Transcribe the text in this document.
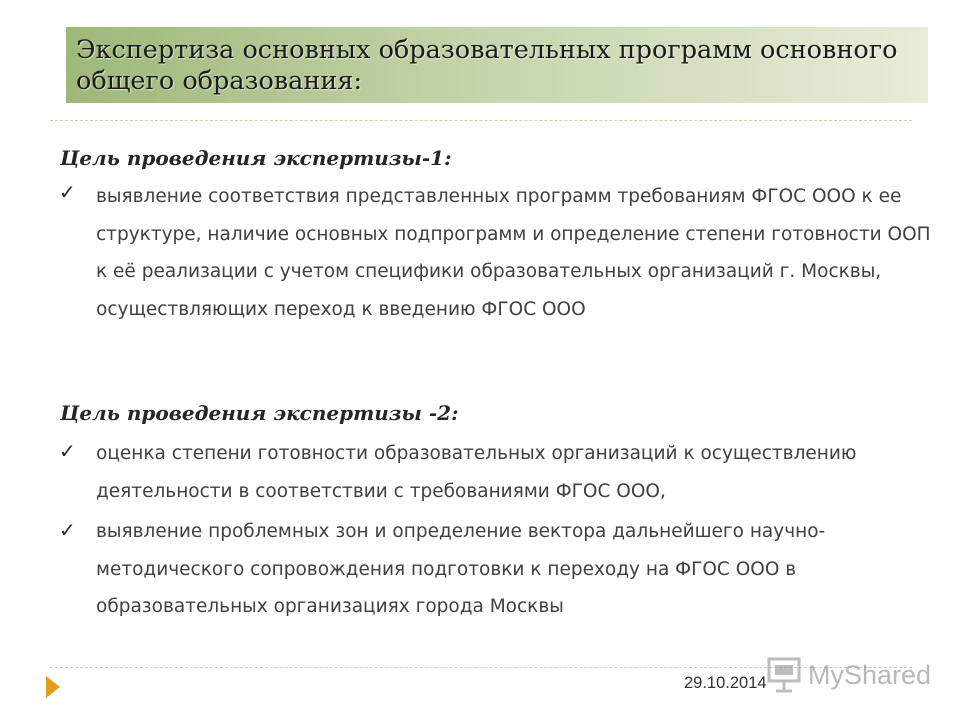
Экспертиза основных образовательных программ основного общего образования:
Цель проведения экспертизы-1:
✓ выявление соответствия представленных программ требованиям ФГОС ООО к ее структуре, наличие основных подпрограмм и определение степени готовности ООП к её реализации с учетом специфики образовательных организаций г. Москвы, осуществляющих переход к введению ФГОС ООО
Цель проведения экспертизы -2:
✓ оценка степени готовности образовательных организаций к осуществлению деятельности в соответствии с требованиями ФГОС ООО,
✓ выявление проблемных зон и определение вектора дальнейшего научно-методического сопровождения подготовки к переходу на ФГОС ООО в образовательных организациях города Москвы
29.10.2014 MyShared
